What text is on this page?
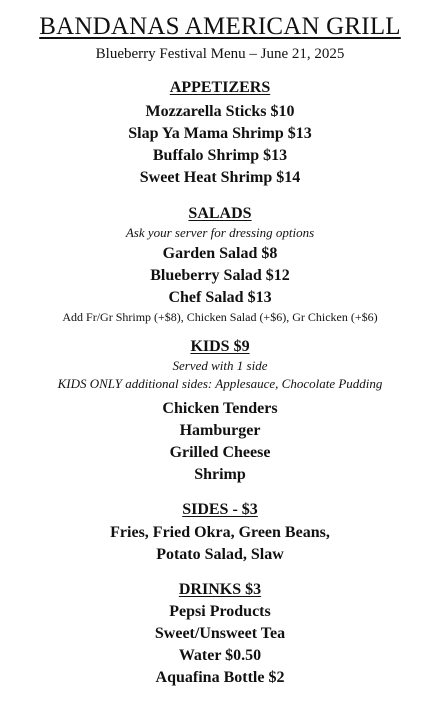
BANDANAS AMERICAN GRILL
Blueberry Festival Menu – June 21, 2025
APPETIZERS
Mozzarella Sticks $10
Slap Ya Mama Shrimp $13
Buffalo Shrimp $13
Sweet Heat Shrimp $14
SALADS
Ask your server for dressing options
Garden Salad $8
Blueberry Salad $12
Chef Salad $13
Add Fr/Gr Shrimp (+$8), Chicken Salad (+$6), Gr Chicken (+$6)
KIDS $9
Served with 1 side
KIDS ONLY additional sides: Applesauce, Chocolate Pudding
Chicken Tenders
Hamburger
Grilled Cheese
Shrimp
SIDES - $3
Fries, Fried Okra, Green Beans,
Potato Salad, Slaw
DRINKS $3
Pepsi Products
Sweet/Unsweet Tea
Water $0.50
Aquafina Bottle $2
